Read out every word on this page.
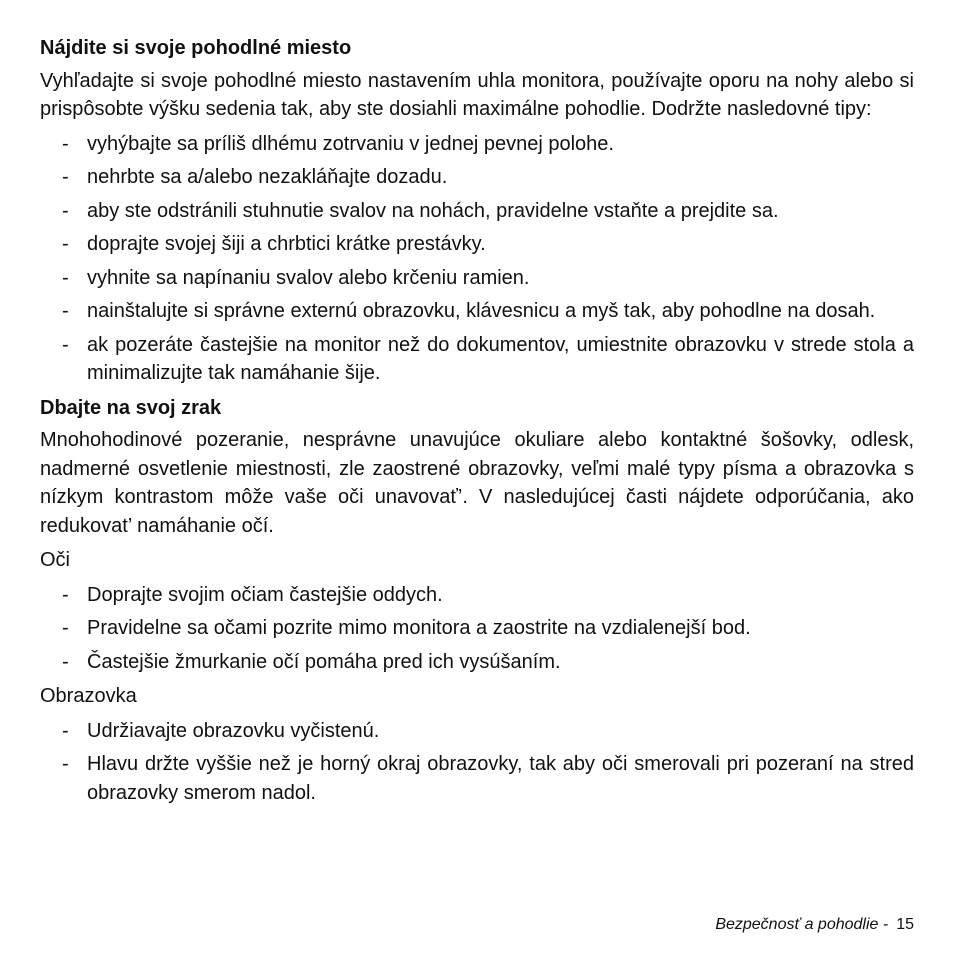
Nájdite si svoje pohodlné miesto
Vyhľadajte si svoje pohodlné miesto nastavením uhla monitora, používajte oporu na nohy alebo si prispôsobte výšku sedenia tak, aby ste dosiahli maximálne pohodlie. Dodržte nasledovné tipy:
- vyhýbajte sa príliš dlhému zotrvaniu v jednej pevnej polohe.
- nehrbte sa a/alebo nezakláňajte dozadu.
- aby ste odstránili stuhnutie svalov na nohách, pravidelne vstaňte a prejdite sa.
- doprajte svojej šiji a chrbtici krátke prestávky.
- vyhnite sa napínaniu svalov alebo krčeniu ramien.
- nainštalujte si správne externú obrazovku, klávesnicu a myš tak, aby pohodlne na dosah.
- ak pozeráte častejšie na monitor než do dokumentov, umiestnite obrazovku v strede stola a minimalizujte tak namáhanie šije.
Dbajte na svoj zrak
Mnohohodinové pozeranie, nesprávne unavujúce okuliare alebo kontaktné šošovky, odlesk, nadmerné osvetlenie miestnosti, zle zaostrené obrazovky, veľmi malé typy písma a obrazovka s nízkym kontrastom môže vaše oči unavovať’. V nasledujúcej časti nájdete odporúčania, ako redukovat’ namáhanie očí.
Oči
- Doprajte svojim očiam častejšie oddych.
- Pravidelne sa očami pozrite mimo monitora a zaostrite na vzdialenejší bod.
- Častejšie žmurkanie očí pomáha pred ich vysúšaním.
Obrazovka
- Udržiavajte obrazovku vyčistenú.
- Hlavu držte vyššie než je horný okraj obrazovky, tak aby oči smerovali pri pozeraní na stred obrazovky smerom nadol.
Bezpečnosť a pohodlie - 15
